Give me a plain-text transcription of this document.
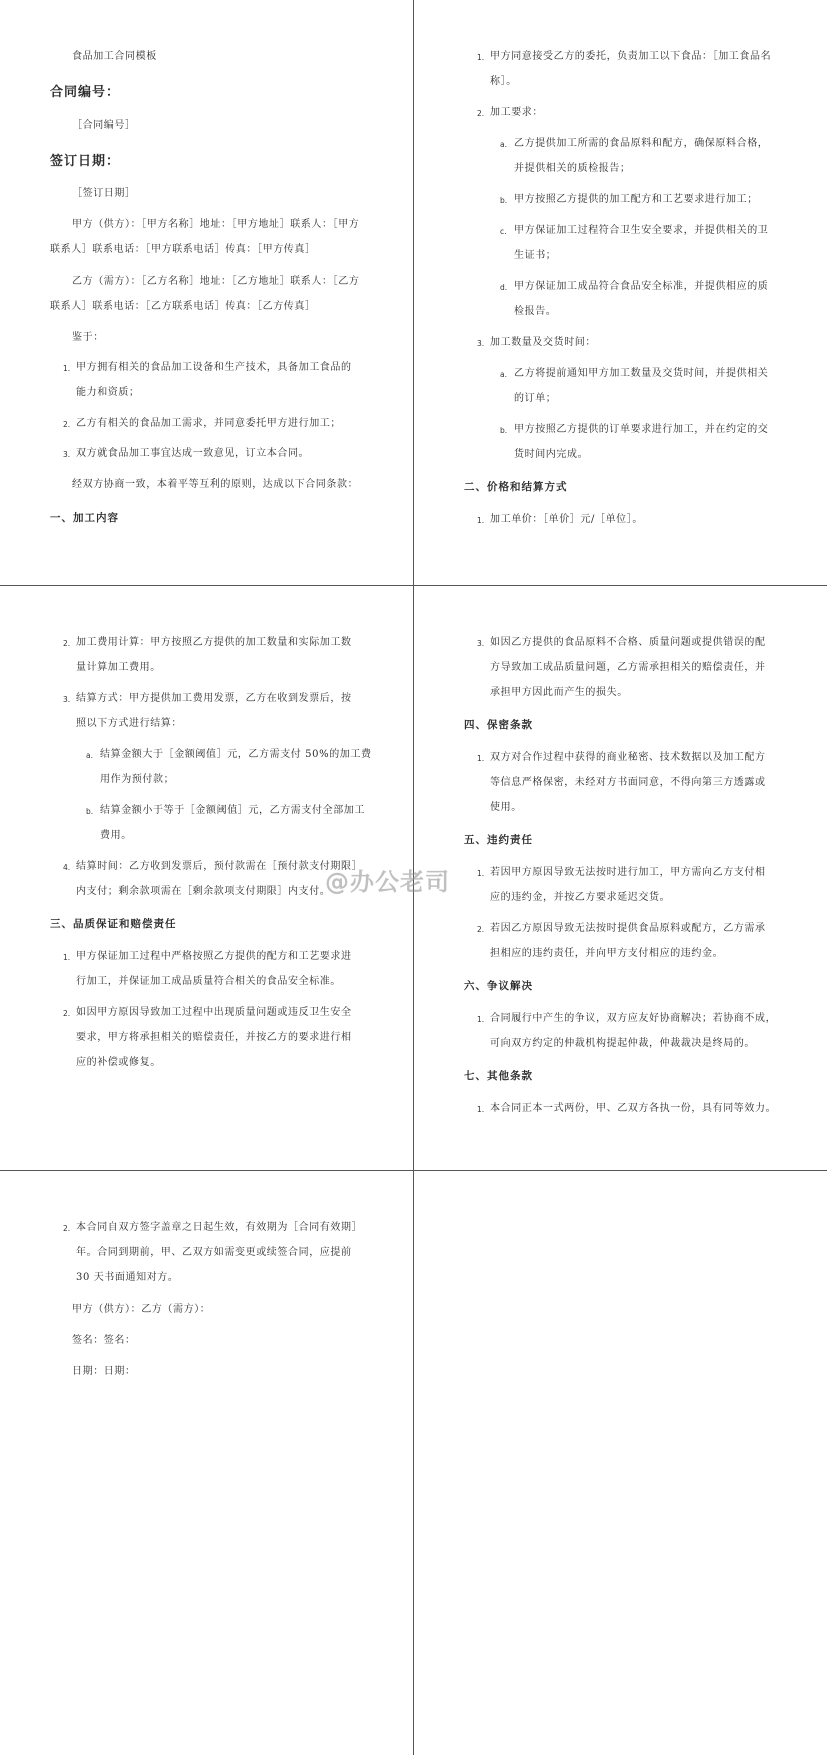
食品加工合同模板

合同编号：

［合同编号］

签订日期：

［签订日期］

甲方（供方）：［甲方名称］地址：［甲方地址］联系人：［甲方

联系人］联系电话：［甲方联系电话］传真：［甲方传真］

乙方（需方）：［乙方名称］地址：［乙方地址］联系人：［乙方

联系人］联系电话：［乙方联系电话］传真：［乙方传真］

鉴于：

1. 甲方拥有相关的食品加工设备和生产技术，具备加工食品的

能力和资质；

2. 乙方有相关的食品加工需求，并同意委托甲方进行加工；

3. 双方就食品加工事宜达成一致意见，订立本合同。

经双方协商一致，本着平等互利的原则，达成以下合同条款：

一、加工内容

1. 甲方同意接受乙方的委托，负责加工以下食品：［加工食品名

称］。

2. 加工要求：

a. 乙方提供加工所需的食品原料和配方，确保原料合格，

并提供相关的质检报告；

b. 甲方按照乙方提供的加工配方和工艺要求进行加工；

c. 甲方保证加工过程符合卫生安全要求，并提供相关的卫

生证书；

d. 甲方保证加工成品符合食品安全标准，并提供相应的质

检报告。

3. 加工数量及交货时间：

a. 乙方将提前通知甲方加工数量及交货时间，并提供相关

的订单；

b. 甲方按照乙方提供的订单要求进行加工，并在约定的交

货时间内完成。

二、价格和结算方式

1. 加工单价：［单价］元/［单位］。

2. 加工费用计算：甲方按照乙方提供的加工数量和实际加工数

量计算加工费用。

3. 结算方式：甲方提供加工费用发票，乙方在收到发票后，按

照以下方式进行结算：

a. 结算金额大于［金额阈值］元，乙方需支付 50%的加工费

用作为预付款；

b. 结算金额小于等于［金额阈值］元，乙方需支付全部加工

费用。

4. 结算时间：乙方收到发票后，预付款需在［预付款支付期限］

内支付；剩余款项需在［剩余款项支付期限］内支付。

三、品质保证和赔偿责任

1. 甲方保证加工过程中严格按照乙方提供的配方和工艺要求进

行加工，并保证加工成品质量符合相关的食品安全标准。

2. 如因甲方原因导致加工过程中出现质量问题或违反卫生安全

要求，甲方将承担相关的赔偿责任，并按乙方的要求进行相

应的补偿或修复。

3. 如因乙方提供的食品原料不合格、质量问题或提供错误的配

方导致加工成品质量问题，乙方需承担相关的赔偿责任，并

承担甲方因此而产生的损失。

四、保密条款

1. 双方对合作过程中获得的商业秘密、技术数据以及加工配方

等信息严格保密，未经对方书面同意，不得向第三方透露或

使用。

五、违约责任

1. 若因甲方原因导致无法按时进行加工，甲方需向乙方支付相

应的违约金，并按乙方要求延迟交货。

2. 若因乙方原因导致无法按时提供食品原料或配方，乙方需承

担相应的违约责任，并向甲方支付相应的违约金。

六、争议解决

1. 合同履行中产生的争议，双方应友好协商解决；若协商不成，

可向双方约定的仲裁机构提起仲裁，仲裁裁决是终局的。

七、其他条款

1. 本合同正本一式两份，甲、乙双方各执一份，具有同等效力。

2. 本合同自双方签字盖章之日起生效，有效期为［合同有效期］

年。合同到期前，甲、乙双方如需变更或续签合同，应提前

30 天书面通知对方。

甲方（供方）：乙方（需方）：

签名：签名：

日期：日期：

@办公老司
